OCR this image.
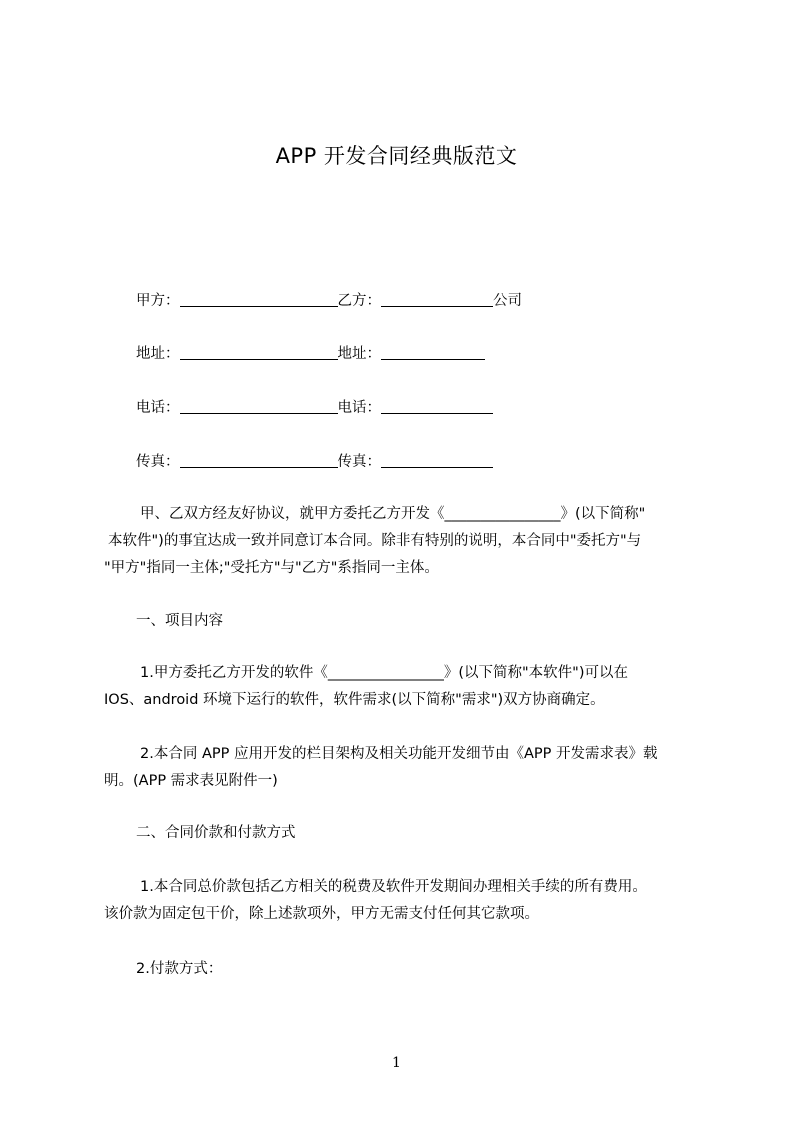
APP 开发合同经典版范文
甲方：	乙方：	公司
地址：	地址：
电话：	电话：
传真：	传真：
甲、乙双方经友好协议，就甲方委托乙方开发《________________》(以下简称"
本软件")的事宜达成一致并同意订本合同。除非有特别的说明，本合同中"委托方"与
"甲方"指同一主体;"受托方"与"乙方"系指同一主体。
一、项目内容
1.甲方委托乙方开发的软件《________________》(以下简称"本软件")可以在
IOS、android 环境下运行的软件，软件需求(以下简称"需求")双方协商确定。
2.本合同 APP 应用开发的栏目架构及相关功能开发细节由《APP 开发需求表》载
明。(APP 需求表见附件一)
二、合同价款和付款方式
1.本合同总价款包括乙方相关的税费及软件开发期间办理相关手续的所有费用。
该价款为固定包干价，除上述款项外，甲方无需支付任何其它款项。
2.付款方式：
1
